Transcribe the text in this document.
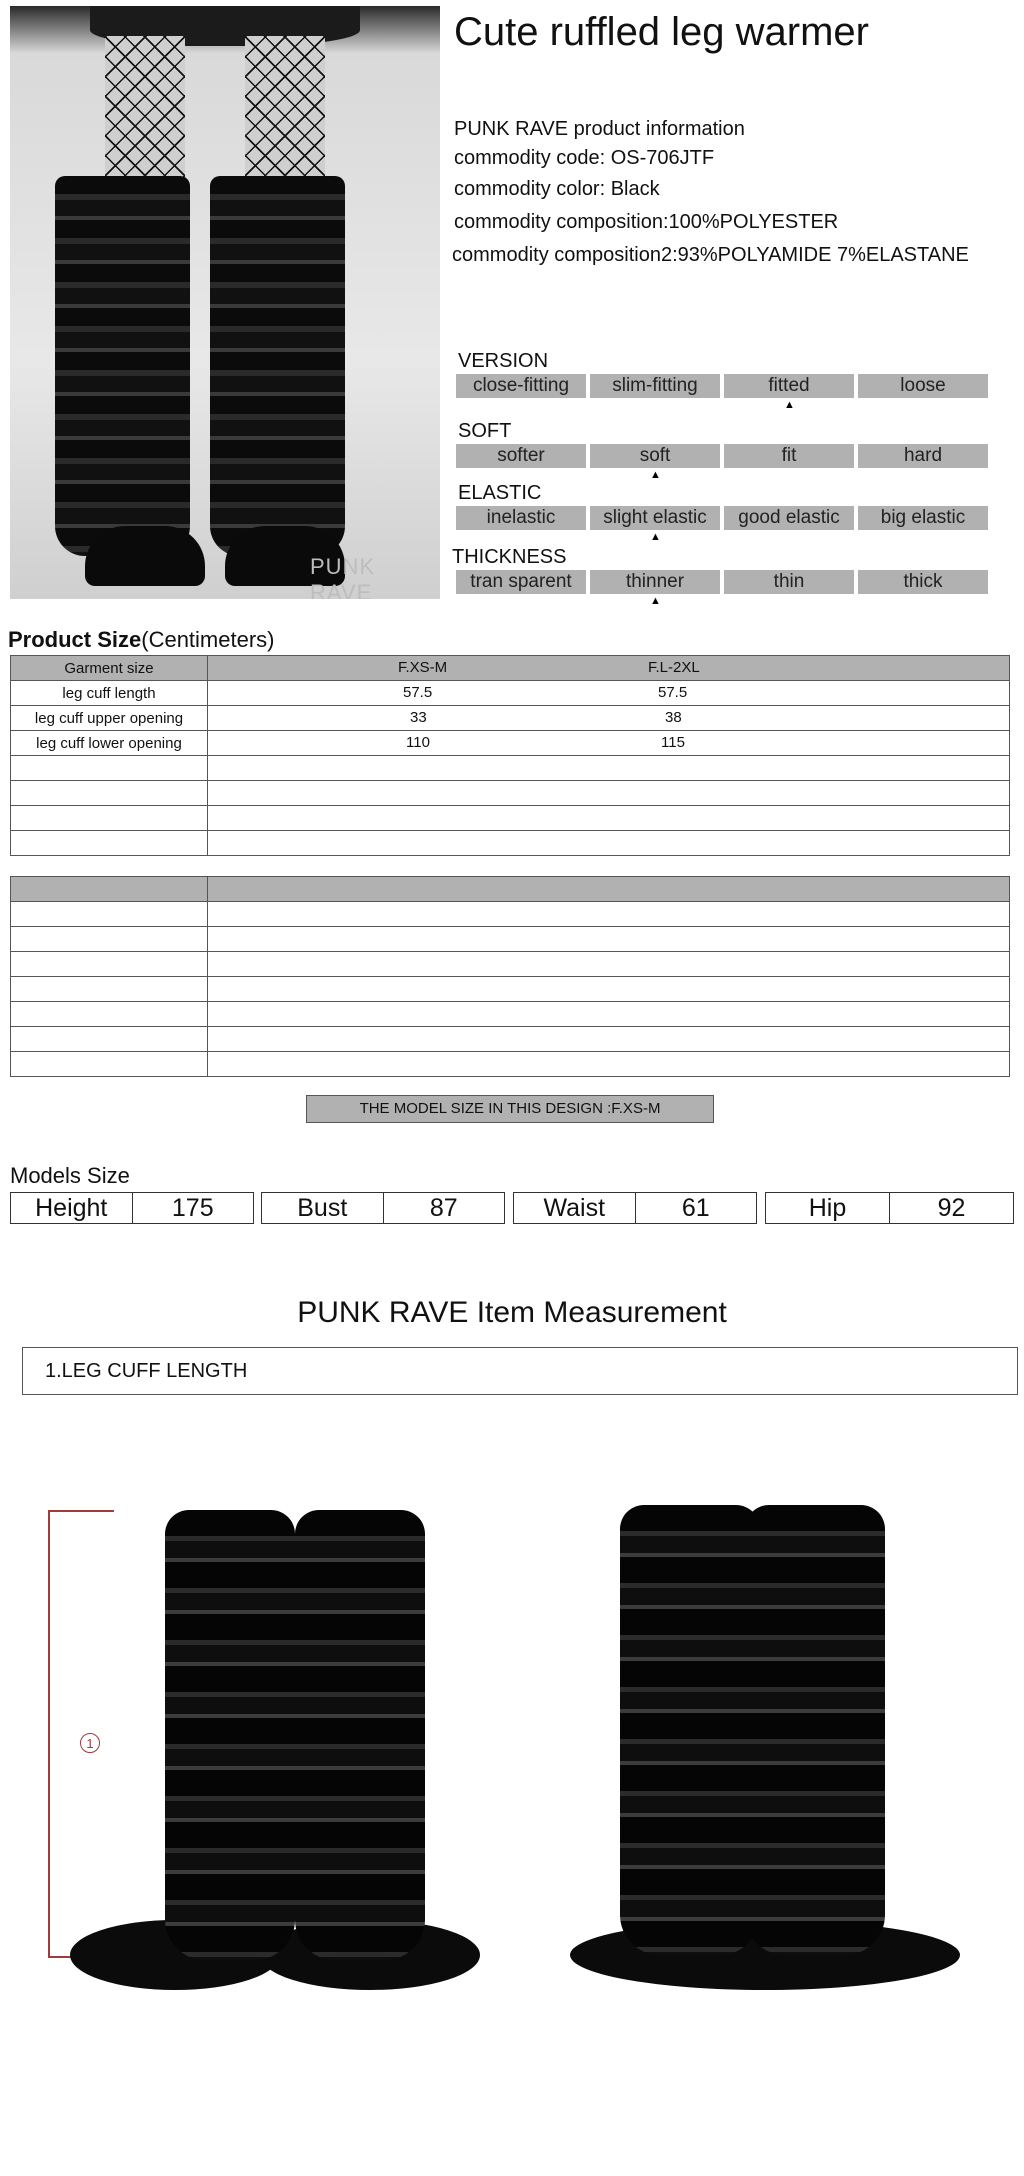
PUNK RAVE
Cute ruffled leg warmer
PUNK RAVE product information
commodity code: OS-706JTF
commodity color: Black
commodity composition:100%POLYESTER
commodity composition2:93%POLYAMIDE 7%ELASTANE
VERSION
close-fitting	slim-fitting	fitted	loose
▲
SOFT
softer	soft	fit	hard
▲
ELASTIC
inelastic	slight elastic	good elastic	big elastic
▲
THICKNESS
tran sparent	thinner	thin	thick
▲
Product Size(Centimeters)
Garment size	F.XS-M F.L-2XL

leg cuff length	57.5 57.5

leg cuff upper opening	33 38

leg cuff lower opening	110 115

THE MODEL SIZE IN THIS DESIGN :F.XS-M
Models Size
Height	175	Bust	87	Waist	61	Hip	92
PUNK RAVE Item Measurement
1.LEG CUFF LENGTH
1
